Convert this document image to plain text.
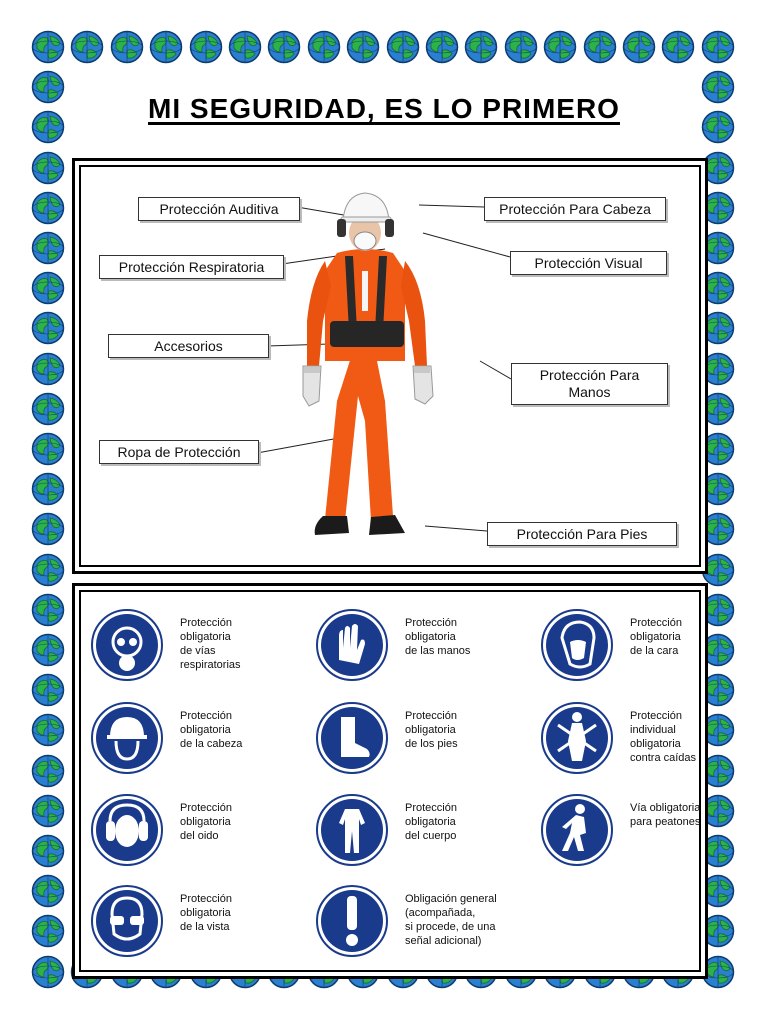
MI SEGURIDAD, ES LO PRIMERO
Protección Auditiva	Protección Para Cabeza
Protección Respiratoria	Protección Visual
Accesorios
Protección Para
Manos
Ropa de Protección
Protección Para Pies
Protección
obligatoria
de vías
respiratorias
Protección
obligatoria
de las manos
Protección
obligatoria
de la cara
Protección
obligatoria
de la cabeza
Protección
obligatoria
de los pies
Protección
individual
obligatoria
contra caídas
Protección
obligatoria
del oido
Protección
obligatoria
del cuerpo
Vía obligatoria
para peatones
Protección
obligatoria
de la vista
Obligación general
(acompañada,
si procede, de una
señal adicional)
